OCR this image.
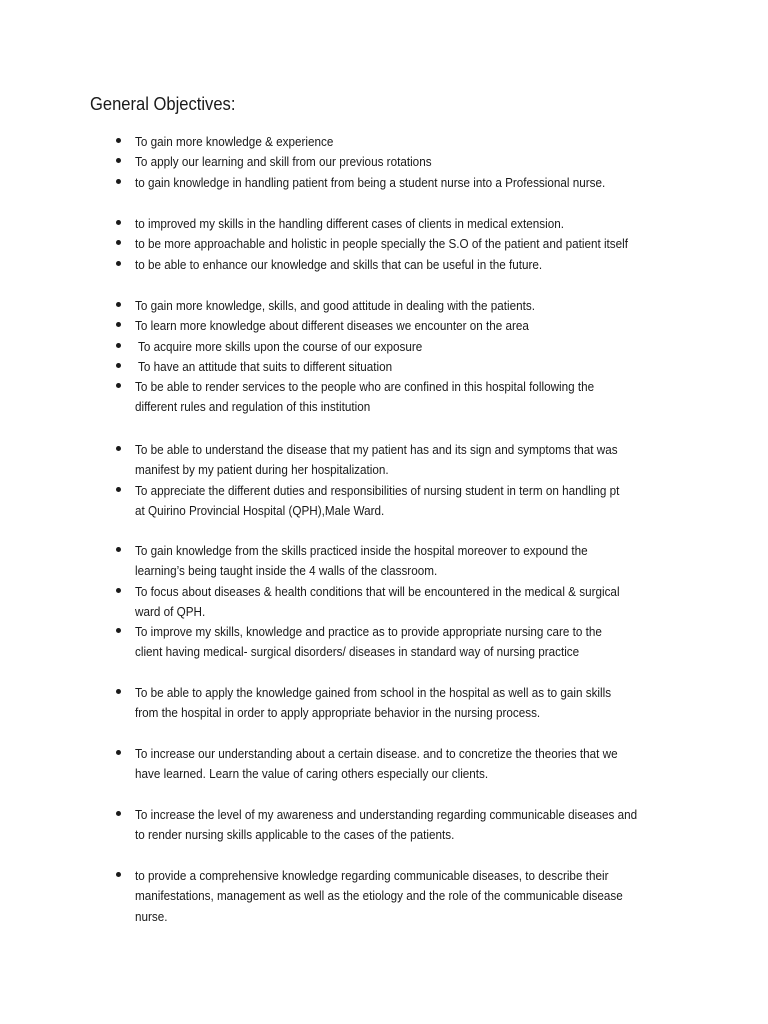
General Objectives:
To gain more knowledge & experience
To apply our learning and skill from our previous rotations
to gain knowledge in handling patient from being a student nurse into a Professional nurse.
to improved my skills in the handling different cases of clients in medical extension.
to be more approachable and holistic in people specially the S.O of the patient and patient itself
to be able to enhance our knowledge and skills that can be useful in the future.
To gain more knowledge, skills, and good attitude in dealing with the patients.
To learn more knowledge about different diseases we encounter on the area
To acquire more skills upon the course of our exposure
To have an attitude that suits to different situation
To be able to render services to the people who are confined in this hospital following the
different rules and regulation of this institution
To be able to understand the disease that my patient has and its sign and symptoms that was
manifest by my patient during her hospitalization.
To appreciate the different duties and responsibilities of nursing student in term on handling pt
at Quirino Provincial Hospital (QPH),Male Ward.
To gain knowledge from the skills practiced inside the hospital moreover to expound the
learning’s being taught inside the 4 walls of the classroom.
To focus about diseases & health conditions that will be encountered in the medical & surgical
ward of QPH.
To improve my skills, knowledge and practice as to provide appropriate nursing care to the
client having medical- surgical disorders/ diseases in standard way of nursing practice
To be able to apply the knowledge gained from school in the hospital as well as to gain skills
from the hospital in order to apply appropriate behavior in the nursing process.
To increase our understanding about a certain disease. and to concretize the theories that we
have learned. Learn the value of caring others especially our clients.
To increase the level of my awareness and understanding regarding communicable diseases and
to render nursing skills applicable to the cases of the patients.
to provide a comprehensive knowledge regarding communicable diseases, to describe their
manifestations, management as well as the etiology and the role of the communicable disease
nurse.
